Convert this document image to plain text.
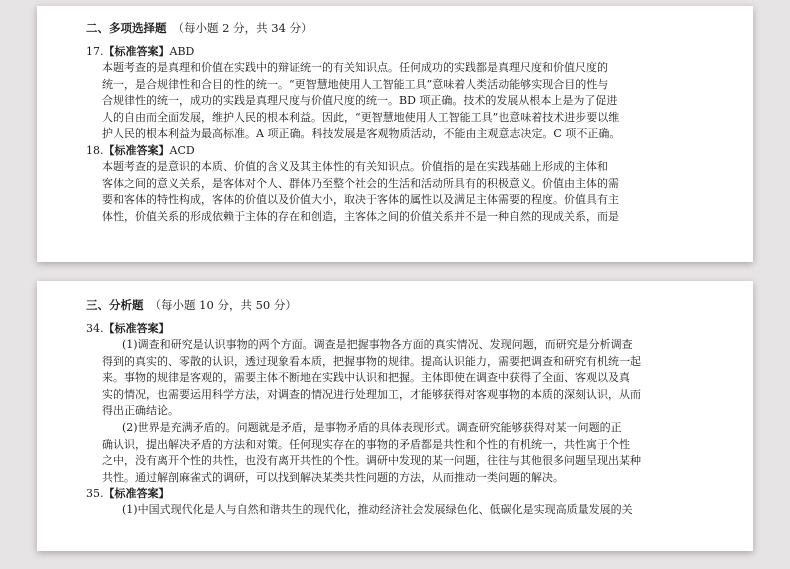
二、多项选择题 （每小题 2 分，共 34 分）

17.【标准答案】ABD

本题考查的是真理和价值在实践中的辩证统一的有关知识点。任何成功的实践都是真理尺度和价值尺度的
统一，是合规律性和合目的性的统一。“更智慧地使用人工智能工具”意味着人类活动能够实现合目的性与
合规律性的统一，成功的实践是真理尺度与价值尺度的统一。BD 项正确。技术的发展从根本上是为了促进
人的自由而全面发展，维护人民的根本利益。因此，“更智慧地使用人工智能工具”也意味着技术进步要以维
护人民的根本利益为最高标准。A 项正确。科技发展是客观物质活动，不能由主观意志决定。C 项不正确。

18.【标准答案】ACD

本题考查的是意识的本质、价值的含义及其主体性的有关知识点。价值指的是在实践基础上形成的主体和
客体之间的意义关系，是客体对个人、群体乃至整个社会的生活和活动所具有的积极意义。价值由主体的需
要和客体的特性构成，客体的价值以及价值大小，取决于客体的属性以及满足主体需要的程度。价值具有主
体性，价值关系的形成依赖于主体的存在和创造，主客体之间的价值关系并不是一种自然的现成关系，而是
三、分析题 （每小题 10 分，共 50 分）

34.【标准答案】

(1)调查和研究是认识事物的两个方面。调查是把握事物各方面的真实情况、发现问题，而研究是分析调查
得到的真实的、零散的认识，透过现象看本质，把握事物的规律。提高认识能力，需要把调查和研究有机统一起
来。事物的规律是客观的，需要主体不断地在实践中认识和把握。主体即使在调查中获得了全面、客观以及真
实的情况，也需要运用科学方法，对调查的情况进行处理加工，才能够获得对客观事物的本质的深刻认识，从而
得出正确结论。
(2)世界是充满矛盾的。问题就是矛盾，是事物矛盾的具体表现形式。调查研究能够获得对某一问题的正
确认识，提出解决矛盾的方法和对策。任何现实存在的事物的矛盾都是共性和个性的有机统一，共性寓于个性
之中，没有离开个性的共性，也没有离开共性的个性。调研中发现的某一问题，往往与其他很多问题呈现出某种
共性。通过解剖麻雀式的调研，可以找到解决某类共性问题的方法，从而推动一类问题的解决。

35.【标准答案】

(1)中国式现代化是人与自然和谐共生的现代化，推动经济社会发展绿色化、低碳化是实现高质量发展的关
